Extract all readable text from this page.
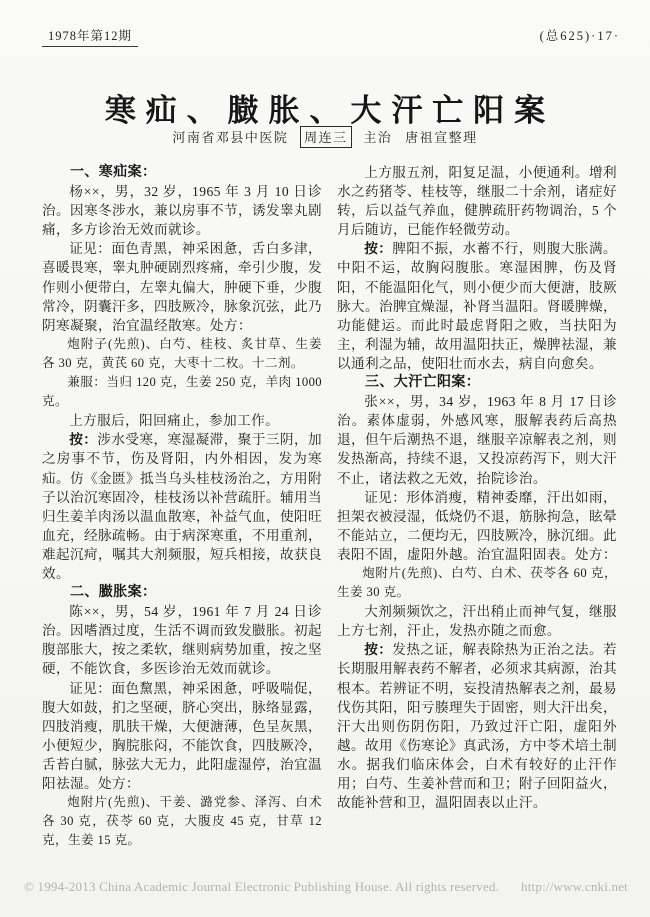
1978年第12期	(总625)·17·
寒疝、臌胀、大汗亡阳案
河南省邓县中医院 周连三 主治 唐祖宣整理

一、寒疝案：

杨××，男，32 岁，1965 年 3 月 10 日诊治。因寒冬涉水，兼以房事不节，诱发睾丸剧痛，多方诊治无效而就诊。

证见：面色青黑，神采困惫，舌白多津，喜暖畏寒，睾丸肿硬剧烈疼痛，牵引少腹，发作则小便带白，左睾丸偏大，肿硬下垂，少腹常冷，阴囊汗多，四肢厥冷，脉象沉弦，此乃阴寒凝聚，治宜温经散寒。处方：

炮附子(先煎)、白芍、桂枝、炙甘草、生姜各 30 克，黄芪 60 克，大枣十二枚。十二剂。

兼服：当归 120 克，生姜 250 克，羊肉 1000 克。

上方服后，阳回痛止，参加工作。

按：涉水受寒，寒湿凝滞，聚于三阴，加之房事不节，伤及肾阳，内外相因，发为寒疝。仿《金匮》抵当乌头桂枝汤治之，方用附子以治沉寒固冷，桂枝汤以补营疏肝。辅用当归生姜羊肉汤以温血散寒，补益气血，使阳旺血充，经脉疏畅。由于病深寒重，不用重剂，难起沉疴，嘱其大剂频服，短兵相接，故获良效。

二、臌胀案：

陈××，男，54 岁，1961 年 7 月 24 日诊治。因嗜酒过度，生活不调而致发臌胀。初起腹部胀大，按之柔软，继则病势加重，按之坚硬，不能饮食，多医诊治无效而就诊。

证见：面色黧黑，神采困惫，呼吸喘促，腹大如鼓，扪之坚硬，脐心突出，脉络显露，四肢消瘦，肌肤干燥，大便溏薄，色呈灰黑，小便短少，胸脘胀闷，不能饮食，四肢厥冷，舌苔白腻，脉弦大无力，此阳虚湿停，治宜温阳祛湿。处方：

炮附片(先煎)、干姜、潞党参、泽泻、白术各 30 克，茯苓 60 克，大腹皮 45 克，甘草 12 克，生姜 15 克。

上方服五剂，阳复足温，小便通利。增利水之药猪苓、桂枝等，继服二十余剂，诸症好转，后以益气养血，健脾疏肝药物调治，5 个月后随访，已能作轻微劳动。

按：脾阳不振，水蓄不行，则腹大胀满。中阳不运，故胸闷腹胀。寒湿困脾，伤及肾阳，不能温阳化气，则小便少而大便溏，肢厥脉大。治脾宜燥湿，补肾当温阳。肾暖脾燥，功能健运。而此时最虑肾阳之败，当扶阳为主，利湿为辅，故用温阳扶正，燥脾祛湿，兼以通利之品，使阳壮而水去，病自向愈矣。

三、大汗亡阳案：

张××，男，34 岁，1963 年 8 月 17 日诊治。素体虚弱，外感风寒，服解表药后高热退，但午后潮热不退，继服辛凉解表之剂，则发热渐高，持续不退，又投凉药泻下，则大汗不止，诸法救之无效，抬院诊治。

证见：形体消瘦，精神委靡，汗出如雨，担架衣被浸湿，低烧仍不退，筋脉拘急，眩晕不能站立，二便均无，四肢厥冷，脉沉细。此表阳不固，虚阳外越。治宜温阳固表。处方：

炮附片(先煎)、白芍、白术、茯苓各 60 克，生姜 30 克。

大剂频频饮之，汗出稍止而神气复，继服上方七剂，汗止，发热亦随之而愈。

按：发热之证，解表除热为正治之法。若长期服用解表药不解者，必须求其病源，治其根本。若辨证不明，妄投清热解表之剂，最易伐伤其阳，阳亏腠理失于固密，则大汗出矣，汗大出则伤阴伤阳，乃致过汗亡阳，虚阳外越。故用《伤寒论》真武汤，方中苓术培土制水。据我们临床体会，白术有较好的止汗作用；白芍、生姜补营而和卫；附子回阳益火，故能补营和卫，温阳固表以止汗。

© 1994-2013 China Academic Journal Electronic Publishing House. All rights reserved. http://www.cnki.net
